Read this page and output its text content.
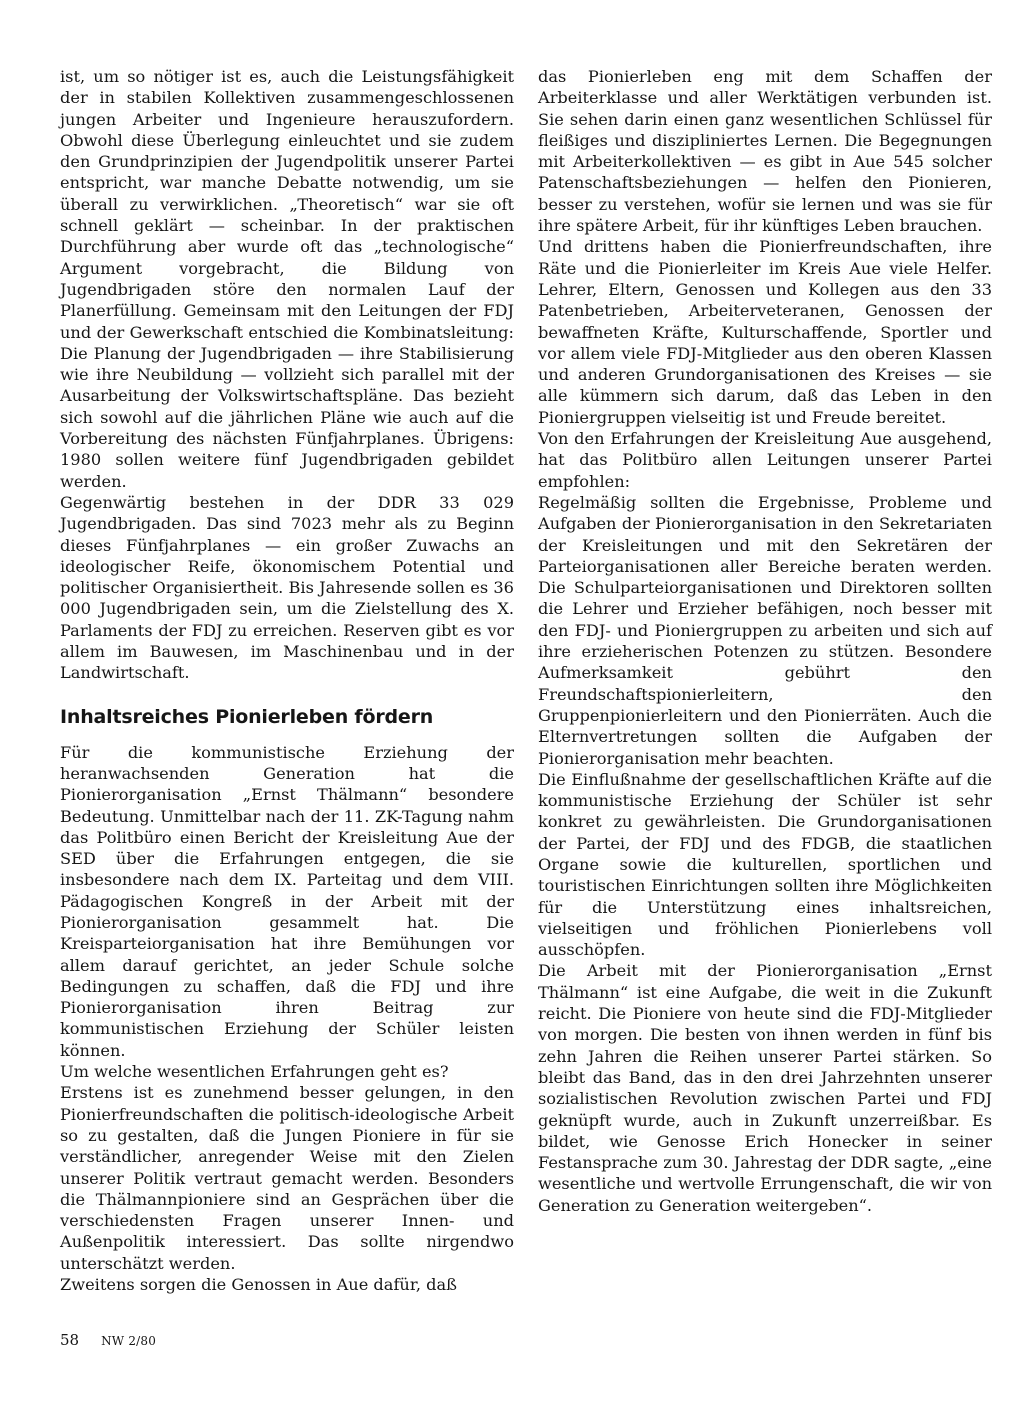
ist, um so nötiger ist es, auch die Leistungsfähigkeit der in stabilen Kollektiven zusammengeschlossenen jungen Arbeiter und Ingenieure herauszufordern. Obwohl diese Überlegung einleuchtet und sie zudem den Grundprinzipien der Jugendpolitik unserer Partei entspricht, war manche Debatte notwendig, um sie überall zu verwirklichen. „Theoretisch“ war sie oft schnell geklärt — scheinbar. In der praktischen Durchführung aber wurde oft das „technologische“ Argument vorgebracht, die Bildung von Jugendbrigaden störe den normalen Lauf der Planerfüllung. Gemeinsam mit den Leitungen der FDJ und der Gewerkschaft entschied die Kombinatsleitung: Die Planung der Jugendbrigaden — ihre Stabilisierung wie ihre Neubildung — vollzieht sich parallel mit der Ausarbeitung der Volkswirtschaftspläne. Das bezieht sich sowohl auf die jährlichen Pläne wie auch auf die Vorbereitung des nächsten Fünfjahrplanes. Übrigens: 1980 sollen weitere fünf Jugendbrigaden gebildet werden.

Gegenwärtig bestehen in der DDR 33 029 Jugendbrigaden. Das sind 7023 mehr als zu Beginn dieses Fünfjahrplanes — ein großer Zuwachs an ideologischer Reife, ökonomischem Potential und politischer Organisiertheit. Bis Jahresende sollen es 36 000 Jugendbrigaden sein, um die Zielstellung des X. Parlaments der FDJ zu erreichen. Reserven gibt es vor allem im Bauwesen, im Maschinenbau und in der Landwirtschaft.

Inhaltsreiches Pionierleben fördern

Für die kommunistische Erziehung der heranwachsenden Generation hat die Pionierorganisation „Ernst Thälmann“ besondere Bedeutung. Unmittelbar nach der 11. ZK-Tagung nahm das Politbüro einen Bericht der Kreisleitung Aue der SED über die Erfahrungen entgegen, die sie insbesondere nach dem IX. Parteitag und dem VIII. Pädagogischen Kongreß in der Arbeit mit der Pionierorganisation gesammelt hat. Die Kreisparteiorganisation hat ihre Bemühungen vor allem darauf gerichtet, an jeder Schule solche Bedingungen zu schaffen, daß die FDJ und ihre Pionierorganisation ihren Beitrag zur kommunistischen Erziehung der Schüler leisten können.

Um welche wesentlichen Erfahrungen geht es?

Erstens ist es zunehmend besser gelungen, in den Pionierfreundschaften die politisch-ideologische Arbeit so zu gestalten, daß die Jungen Pioniere in für sie verständlicher, anregender Weise mit den Zielen unserer Politik vertraut gemacht werden. Besonders die Thälmannpioniere sind an Gesprächen über die verschiedensten Fragen unserer Innen- und Außenpolitik interessiert. Das sollte nirgendwo unterschätzt werden.

Zweitens sorgen die Genossen in Aue dafür, daß

das Pionierleben eng mit dem Schaffen der Arbeiterklasse und aller Werktätigen verbunden ist. Sie sehen darin einen ganz wesentlichen Schlüssel für fleißiges und diszipliniertes Lernen. Die Begegnungen mit Arbeiterkollektiven — es gibt in Aue 545 solcher Patenschaftsbeziehungen — helfen den Pionieren, besser zu verstehen, wofür sie lernen und was sie für ihre spätere Arbeit, für ihr künftiges Leben brauchen.

Und drittens haben die Pionierfreundschaften, ihre Räte und die Pionierleiter im Kreis Aue viele Helfer. Lehrer, Eltern, Genossen und Kollegen aus den 33 Patenbetrieben, Arbeiterveteranen, Genossen der bewaffneten Kräfte, Kulturschaffende, Sportler und vor allem viele FDJ-Mitglieder aus den oberen Klassen und anderen Grundorganisationen des Kreises — sie alle kümmern sich darum, daß das Leben in den Pioniergruppen vielseitig ist und Freude bereitet.

Von den Erfahrungen der Kreisleitung Aue ausgehend, hat das Politbüro allen Leitungen unserer Partei empfohlen:

Regelmäßig sollten die Ergebnisse, Probleme und Aufgaben der Pionierorganisation in den Sekretariaten der Kreisleitungen und mit den Sekretären der Parteiorganisationen aller Bereiche beraten werden. Die Schulparteiorganisationen und Direktoren sollten die Lehrer und Erzieher befähigen, noch besser mit den FDJ- und Pioniergruppen zu arbeiten und sich auf ihre erzieherischen Potenzen zu stützen. Besondere Aufmerksamkeit gebührt den Freundschaftspionierleitern, den Gruppenpionierleitern und den Pionierräten. Auch die Elternvertretungen sollten die Aufgaben der Pionierorganisation mehr beachten.

Die Einflußnahme der gesellschaftlichen Kräfte auf die kommunistische Erziehung der Schüler ist sehr konkret zu gewährleisten. Die Grundorganisationen der Partei, der FDJ und des FDGB, die staatlichen Organe sowie die kulturellen, sportlichen und touristischen Einrichtungen sollten ihre Möglichkeiten für die Unterstützung eines inhaltsreichen, vielseitigen und fröhlichen Pionierlebens voll ausschöpfen.

Die Arbeit mit der Pionierorganisation „Ernst Thälmann“ ist eine Aufgabe, die weit in die Zukunft reicht. Die Pioniere von heute sind die FDJ-Mitglieder von morgen. Die besten von ihnen werden in fünf bis zehn Jahren die Reihen unserer Partei stärken. So bleibt das Band, das in den drei Jahrzehnten unserer sozialistischen Revolution zwischen Partei und FDJ geknüpft wurde, auch in Zukunft unzerreißbar. Es bildet, wie Genosse Erich Honecker in seiner Festansprache zum 30. Jahrestag der DDR sagte, „eine wesentliche und wertvolle Errungenschaft, die wir von Generation zu Generation weitergeben“.

58 NW 2/80
